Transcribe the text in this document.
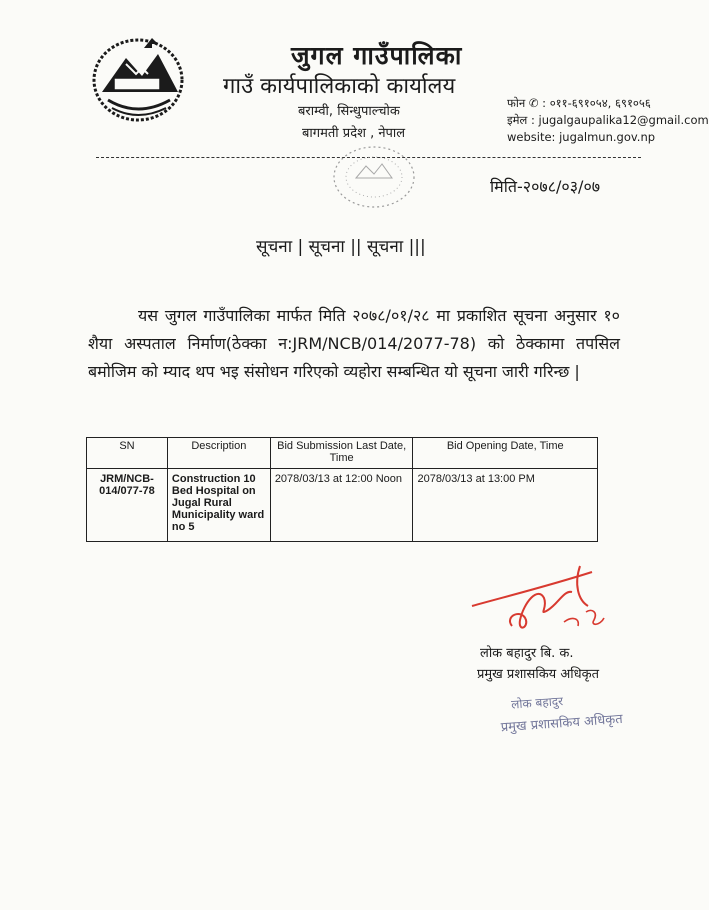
जुगल गाउँपालिका
गाउँ कार्यपालिकाको कार्यालय
बराम्वी, सिन्धुपाल्चोक
बागमती प्रदेश , नेपाल
फोन ✆ : ०११-६९१०५४, ६९१०५६
इमेल : jugalgaupalika12@gmail.com
website: jugalmun.gov.np
मिति-२०७८/०३/०७
सूचना | सूचना || सूचना |||
यस जुगल गाउँपालिका मार्फत मिति २०७८/०१/२८ मा प्रकाशित सूचना अनुसार १० शैया अस्पताल निर्माण(ठेक्का न:JRM/NCB/014/2077-78) को ठेक्कामा तपसिल बमोजिम को म्याद थप भइ संसोधन गरिएको व्यहोरा सम्बन्धित यो सूचना जारी गरिन्छ |
SN	Description	Bid Submission Last Date, Time	Bid Opening Date, Time
JRM/NCB-014/077-78	Construction 10 Bed Hospital on Jugal Rural Municipality ward no 5	2078/03/13 at 12:00 Noon	2078/03/13 at 13:00 PM
लोक बहादुर बि. क.
प्रमुख प्रशासकिय अधिकृत
लोक बहादुर
प्रमुख प्रशासकिय अधिकृत
